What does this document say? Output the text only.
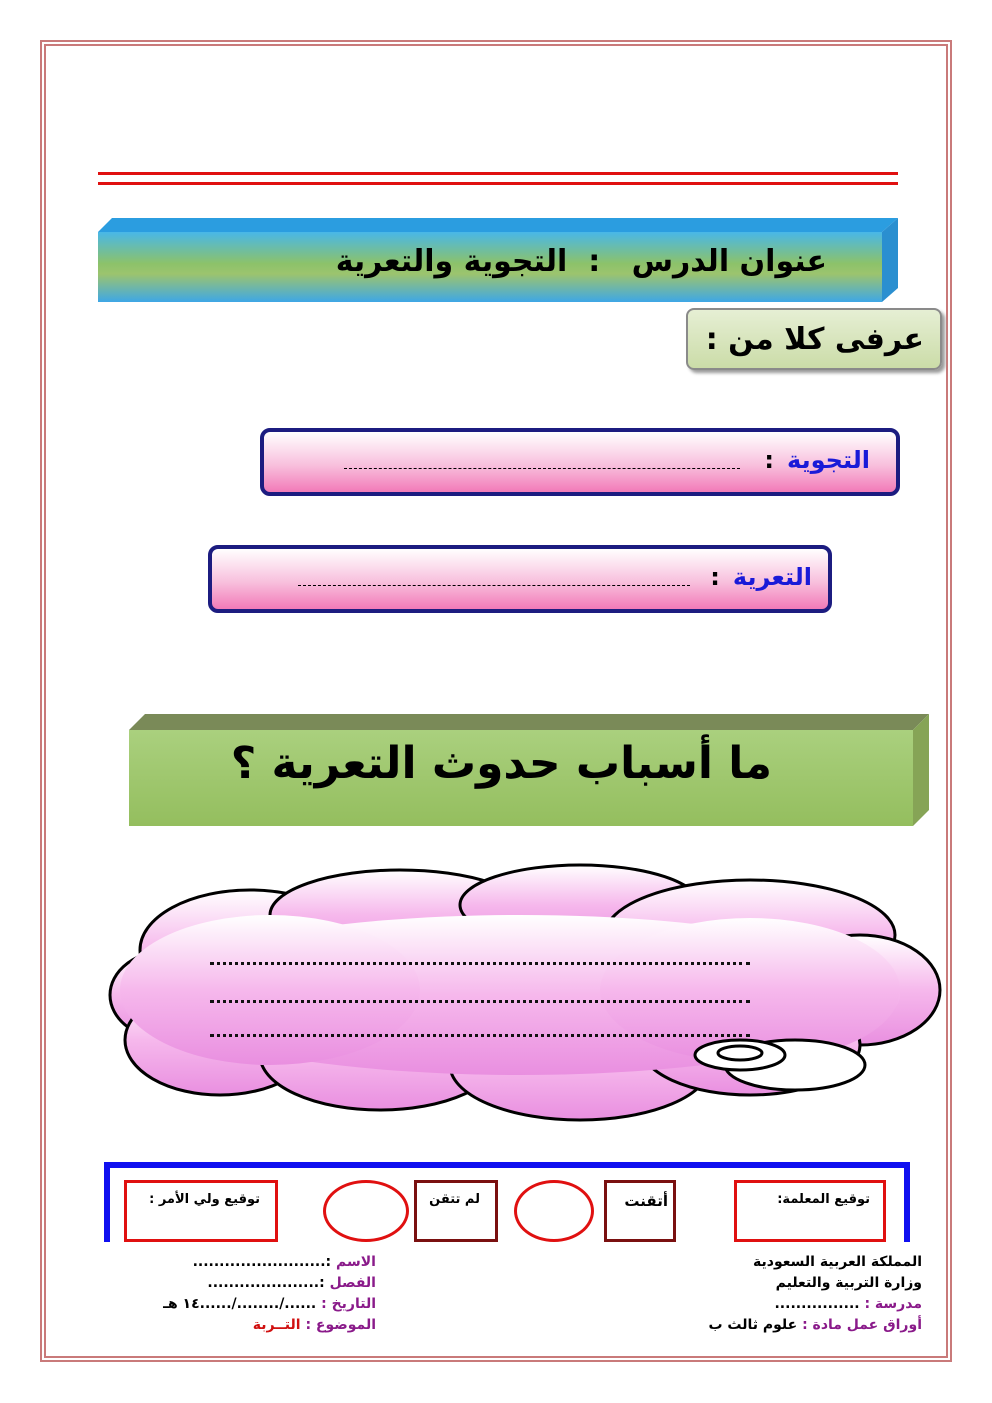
عنوان الدرس   :  التجوية والتعرية
عرفى كلا من :
التجوية :
التعرية :
ما أسباب حدوث التعرية ؟
توقيع المعلمة:
أتقنت
لم تتقن
توقيع ولي الأمر :
المملكة العربية السعودية
وزارة التربية والتعليم
مدرسة : ................
أوراق عمل مادة : علوم ثالث ب
الاسم :.........................
الفصل :.....................
التاريخ : ....../......../......١٤ هـ
الموضوع : التــربة
